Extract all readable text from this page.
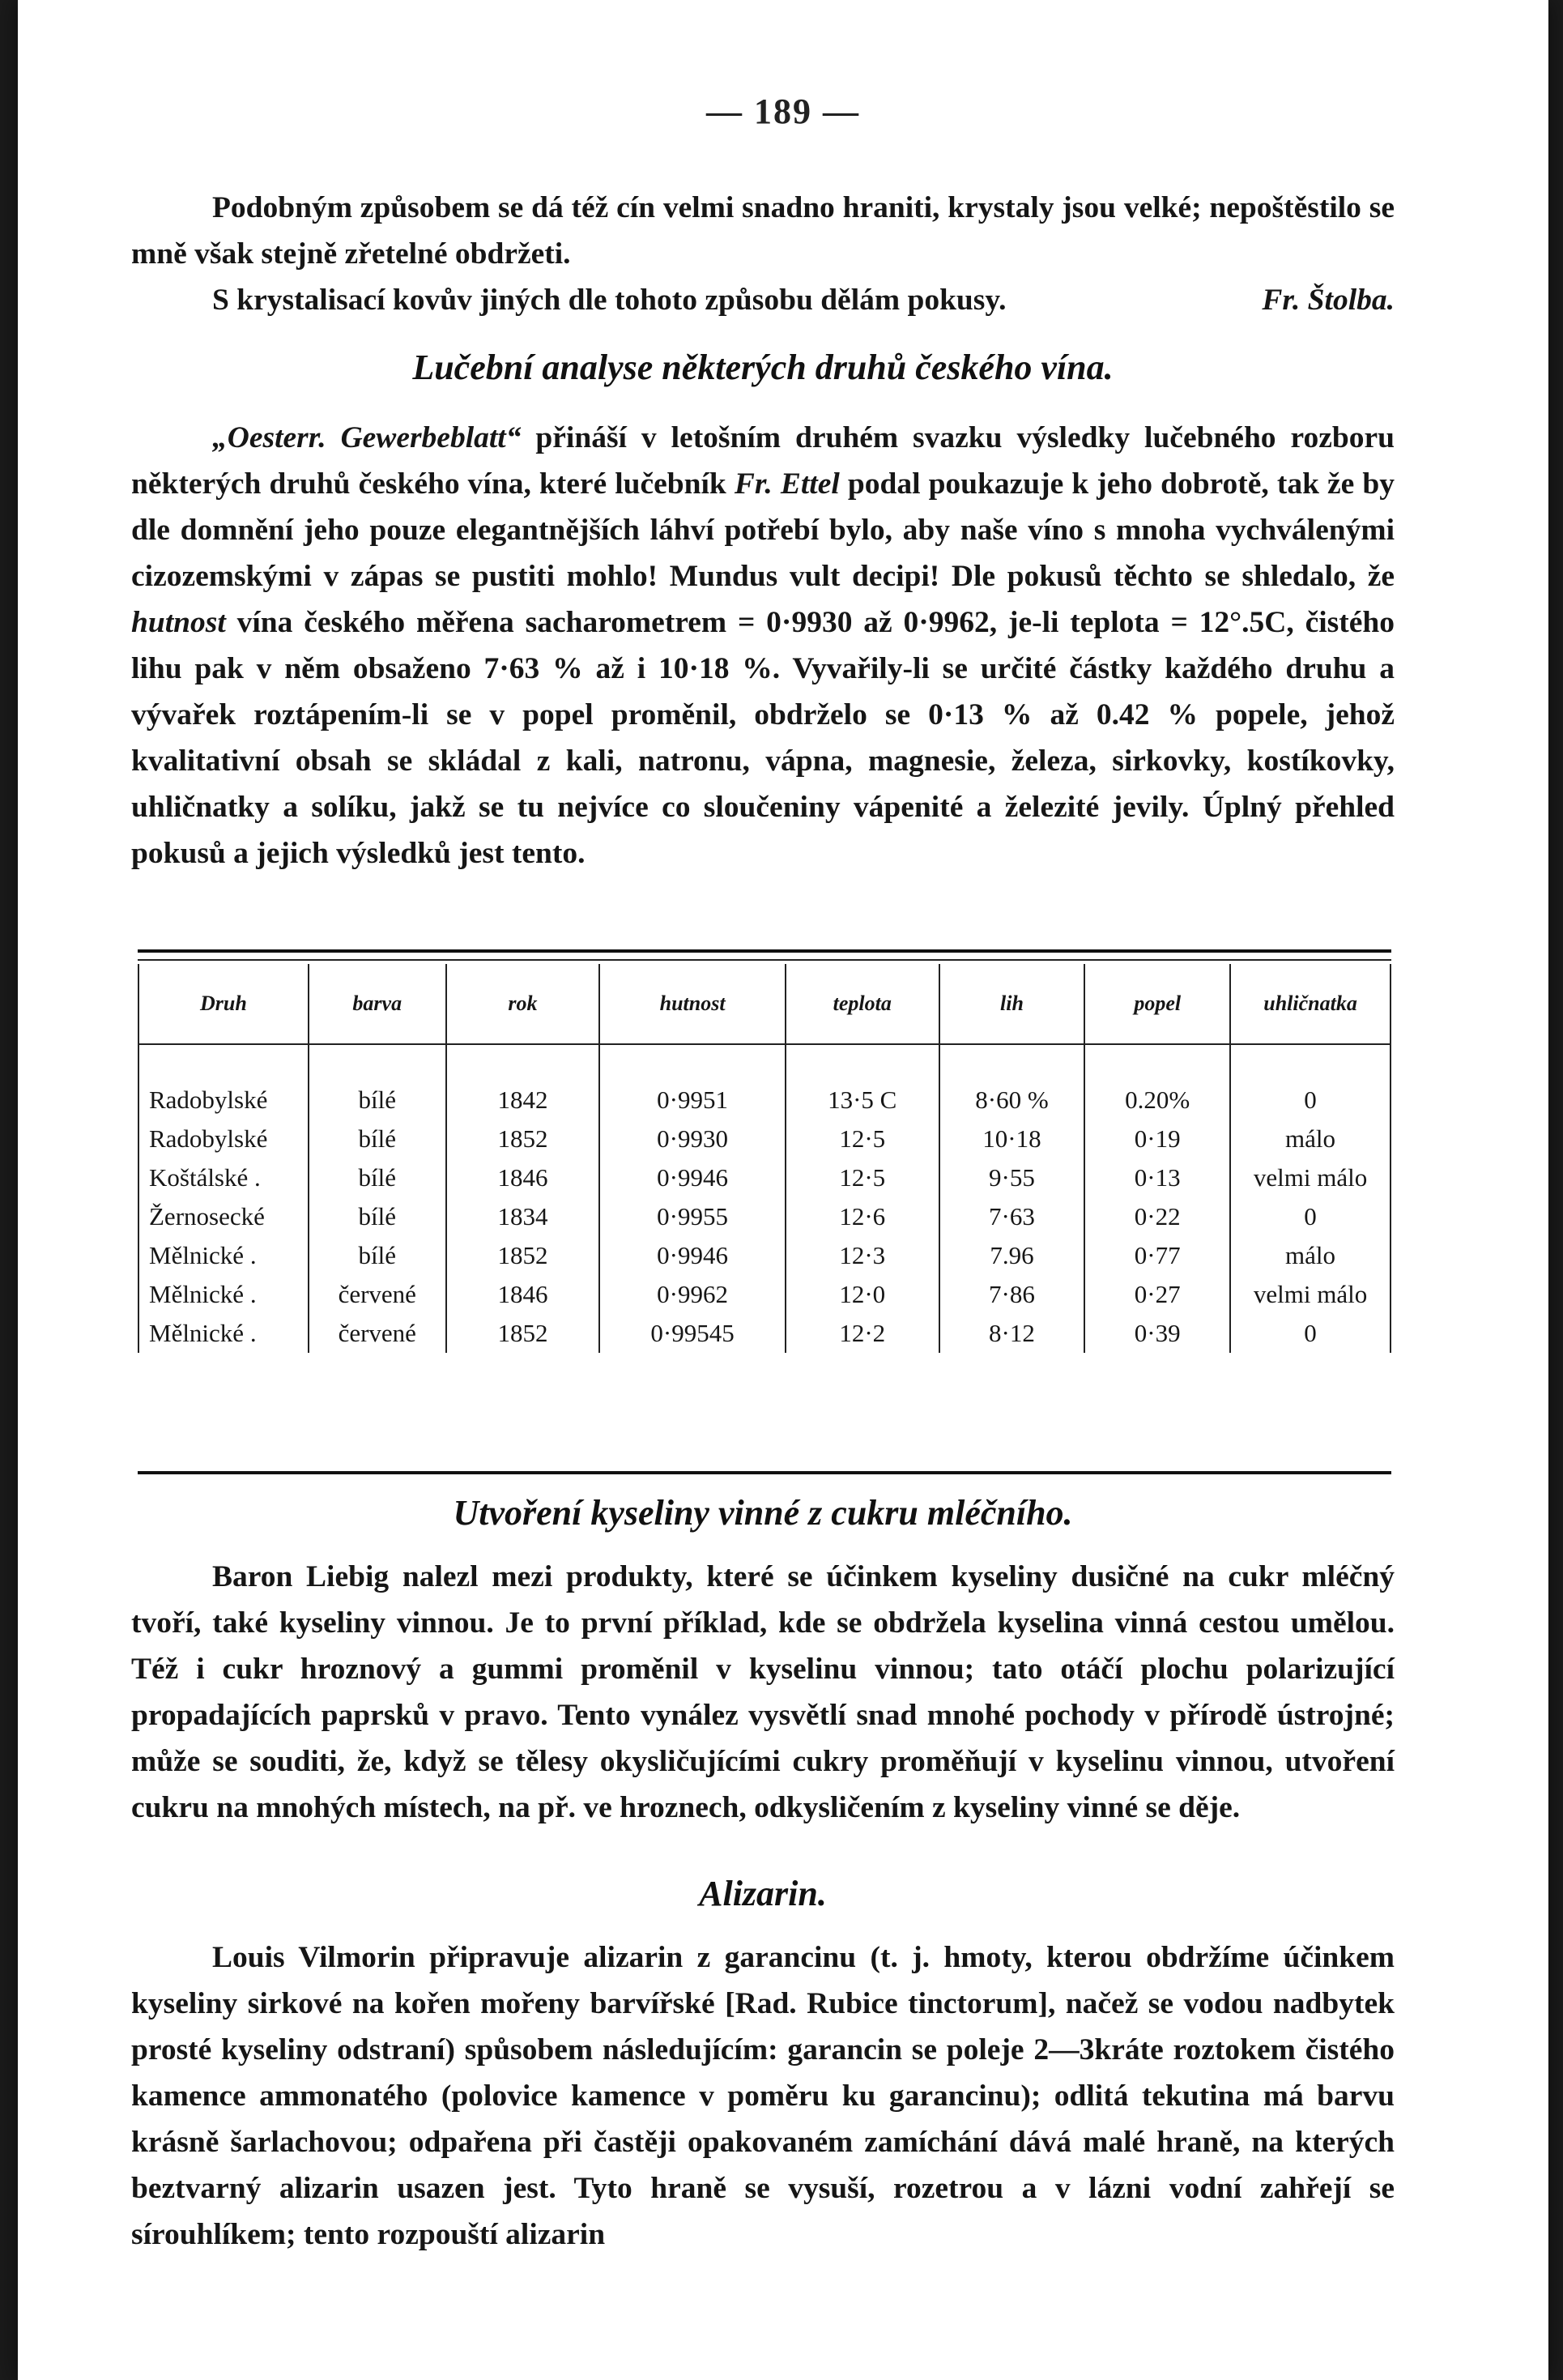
— 189 —

Podobným způsobem se dá též cín velmi snadno hraniti, krystaly jsou velké; nepoštěstilo se mně však stejně zřetelné obdržeti.

S krystalisací kovův jiných dle tohoto způsobu dělám pokusy.	Fr. Štolba.

Lučební analyse některých druhů českého vína.

„Oesterr. Gewerbeblatt“ přináší v letošním druhém svazku výsledky lučebného rozboru některých druhů českého vína, které lučebník Fr. Ettel podal poukazuje k jeho dobrotě, tak že by dle domnění jeho pouze elegantnějších láhví potřebí bylo, aby naše víno s mnoha vychválenými cizozemskými v zápas se pustiti mohlo! Mundus vult decipi! Dle pokusů těchto se shledalo, že hutnost vína českého měřena sacharometrem = 0·9930 až 0·9962, je-li teplota = 12°.5C, čistého lihu pak v něm obsaženo 7·63 % až i 10·18 %. Vyvařily-li se určité částky každého druhu a vývařek roztápením-li se v popel proměnil, obdrželo se 0·13 % až 0.42 % popele, jehož kvalitativní obsah se skládal z kali, natronu, vápna, magnesie, železa, sirkovky, kostíkovky, uhličnatky a solíku, jakž se tu nejvíce co sloučeniny vápenité a železité jevily. Úplný přehled pokusů a jejich výsledků jest tento.

Druh	barva	rok	hutnost	teplota	lih	popel	uhličnatka
Radobylské	bílé	1842	0·9951	13·5 C	8·60 %	0.20%	0
Radobylské	bílé	1852	0·9930	12·5	10·18	0·19	málo
Koštálské .	bílé	1846	0·9946	12·5	9·55	0·13	velmi málo
Žernosecké	bílé	1834	0·9955	12·6	7·63	0·22	0
Mělnické .	bílé	1852	0·9946	12·3	7.96	0·77	málo
Mělnické .	červené	1846	0·9962	12·0	7·86	0·27	velmi málo
Mělnické .	červené	1852	0·99545	12·2	8·12	0·39	0
Utvoření kyseliny vinné z cukru mléčního.

Baron Liebig nalezl mezi produkty, které se účinkem kyseliny dusičné na cukr mléčný tvoří, také kyseliny vinnou. Je to první příklad, kde se obdržela kyselina vinná cestou umělou. Též i cukr hroznový a gummi proměnil v kyselinu vinnou; tato otáčí plochu polarizující propadajících paprsků v pravo. Tento vynález vysvětlí snad mnohé pochody v přírodě ústrojné; může se souditi, že, když se tělesy okysličujícími cukry proměňují v kyselinu vinnou, utvoření cukru na mnohých místech, na př. ve hroznech, odkysličením z kyseliny vinné se děje.

Alizarin.

Louis Vilmorin připravuje alizarin z garancinu (t. j. hmoty, kterou obdržíme účinkem kyseliny sirkové na kořen mořeny barvířské [Rad. Rubice tinctorum], načež se vodou nadbytek prosté kyseliny odstraní) spůsobem následujícím: garancin se poleje 2—3kráte roztokem čistého kamence ammonatého (polovice kamence v poměru ku garancinu); odlitá tekutina má barvu krásně šarlachovou; odpařena při častěji opakovaném zamíchání dává malé hraně, na kterých beztvarný alizarin usazen jest. Tyto hraně se vysuší, rozetrou a v lázni vodní zahřejí se sírouhlíkem; tento rozpouští alizarin
